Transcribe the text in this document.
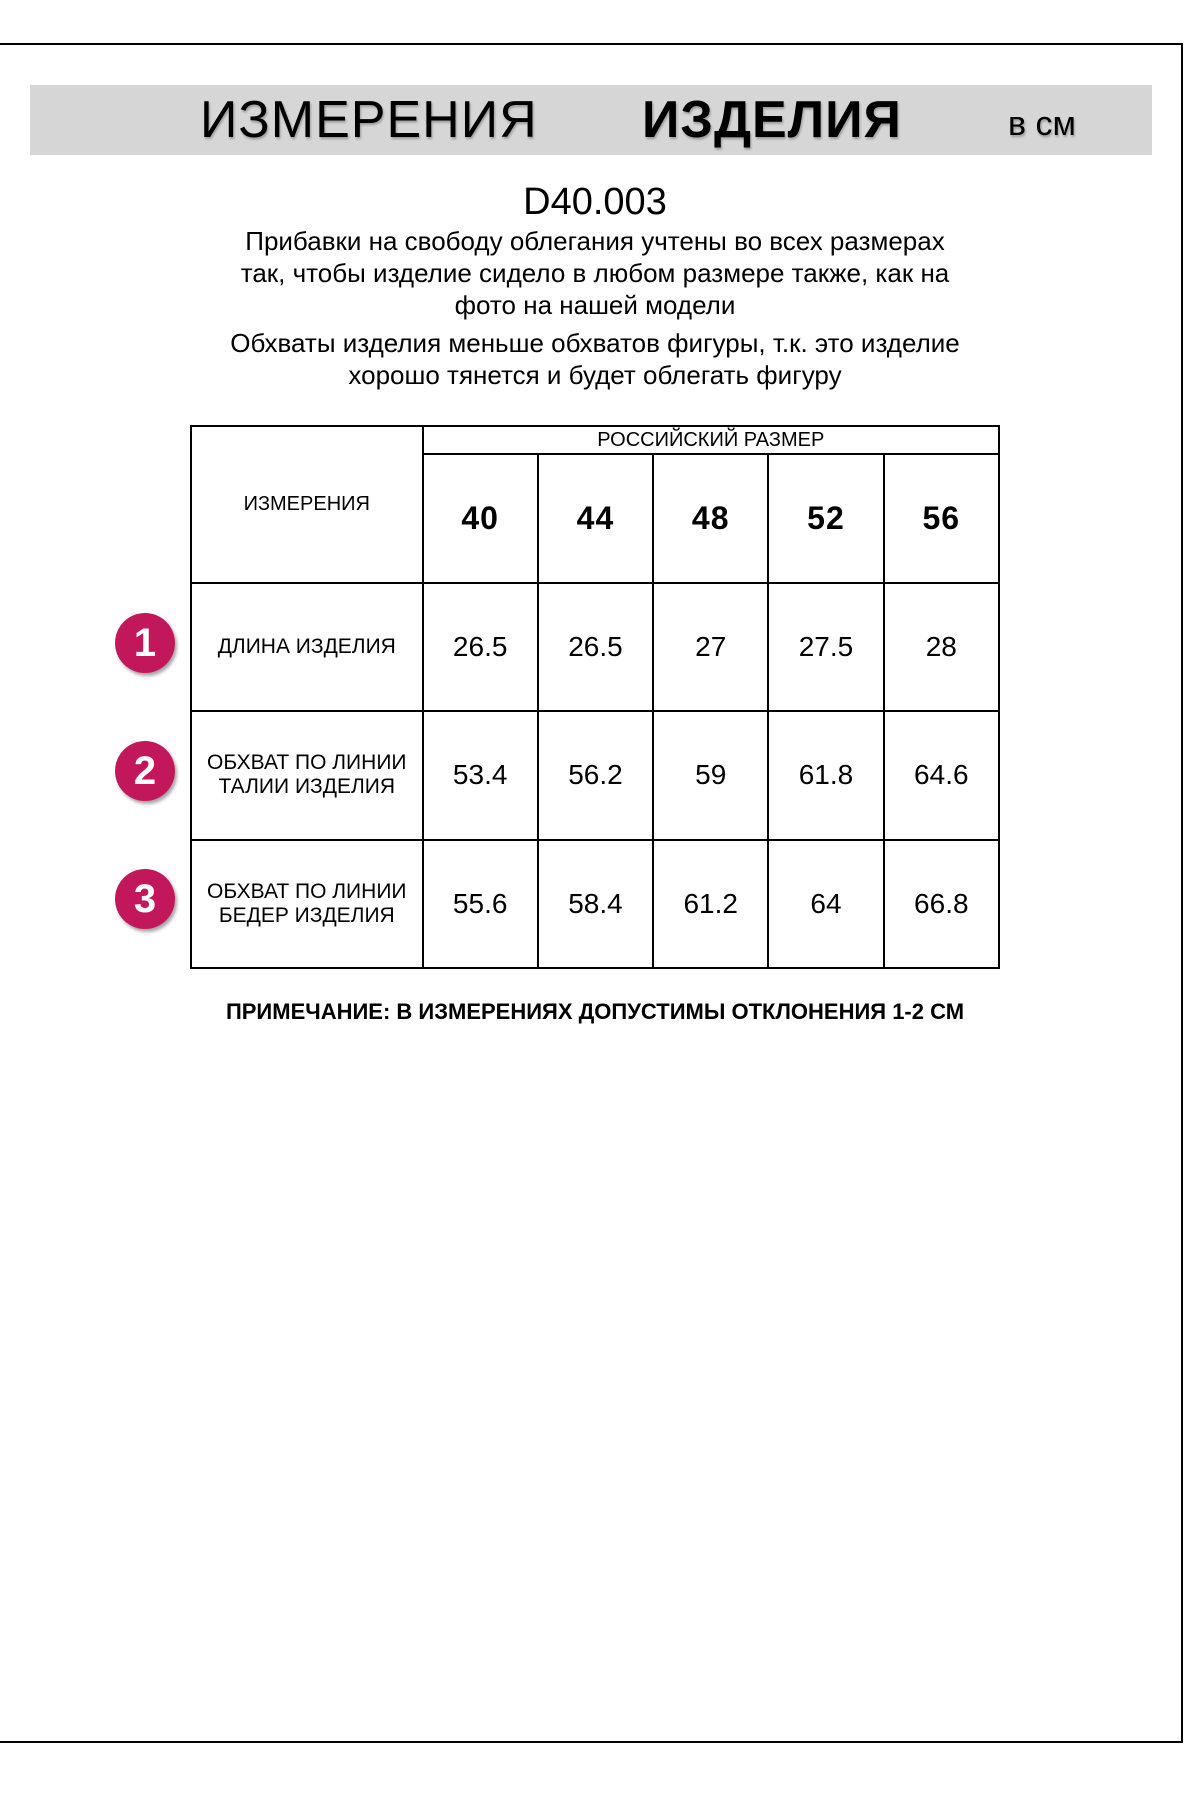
ИЗМЕРЕНИЯ ИЗДЕЛИЯ	в см
D40.003
Прибавки на свободу облегания учтены во всех размерах
так, чтобы изделие сидело в любом размере также, как на
фото на нашей модели
Обхваты изделия меньше обхватов фигуры, т.к. это изделие
хорошо тянется и будет облегать фигуру
ИЗМЕРЕНИЯ	РОССИЙСКИЙ РАЗМЕР				
	40	44	48	52	56

ДЛИНА ИЗДЕЛИЯ	26.5	26.5	27	27.5	28

ОБХВАТ ПО ЛИНИИ
ТАЛИИ ИЗДЕЛИЯ	53.4	56.2	59	61.8	64.6

ОБХВАТ ПО ЛИНИИ
БЕДЕР ИЗДЕЛИЯ	55.6	58.4	61.2	64	66.8
1
2
3
ПРИМЕЧАНИЕ: В ИЗМЕРЕНИЯХ ДОПУСТИМЫ ОТКЛОНЕНИЯ 1-2 СМ
